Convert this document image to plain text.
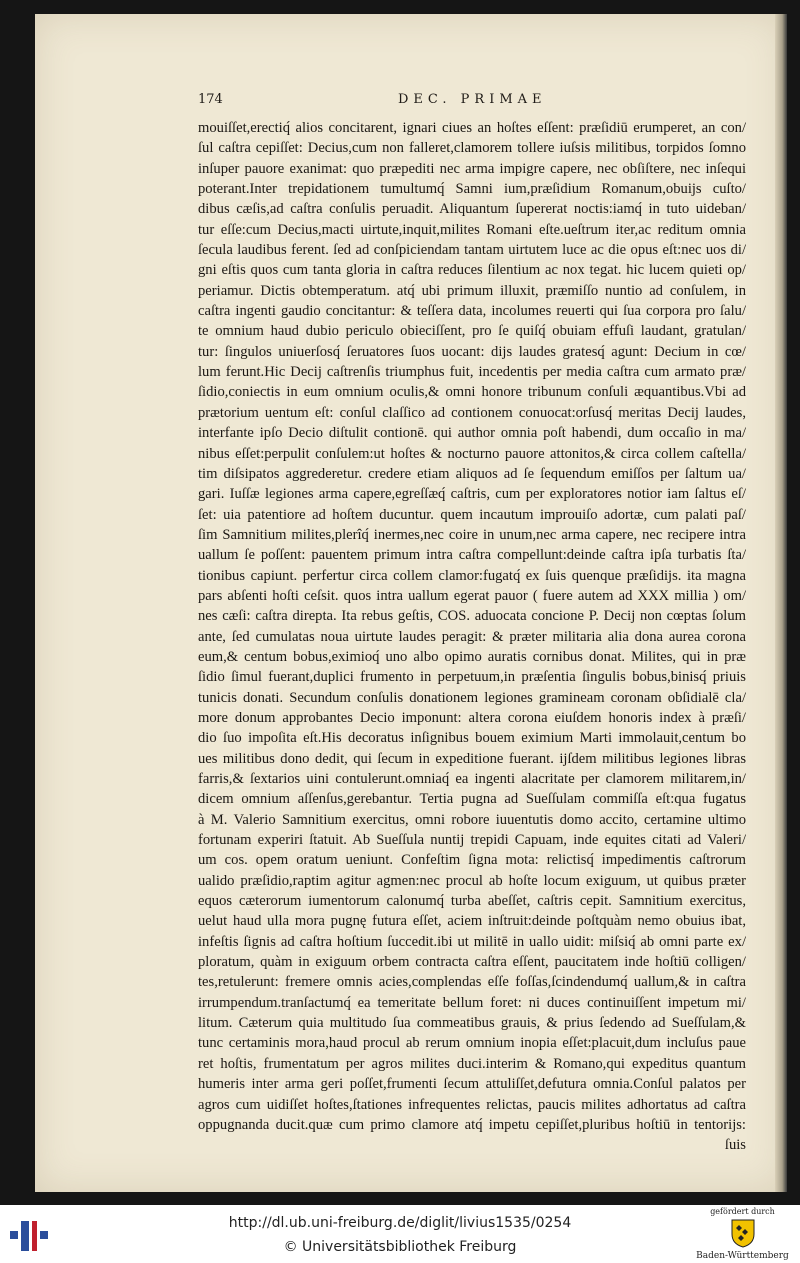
174	DEC. PRIMAE
mouiſſet,erectiq́ alios concitarent, ignari ciues an hoſtes eſſent: præſidiū erumperet, an con/
ſul caſtra cepiſſet: Decius,cum non falleret,clamorem tollere iuſsis militibus, torpidos ſomno
inſuper pauore exanimat: quo præpediti nec arma impigre capere, nec obſiſtere, nec inſequi
poterant.Inter trepidationem tumultumq́ Samni ium,præſidium Romanum,obuijs cuſto/
dibus cæſis,ad caſtra conſulis peruadit. Aliquantum ſupererat noctis:iamq́ in tuto uideban/
tur eſſe:cum Decius,macti uirtute,inquit,milites Romani eſte.ueſtrum iter,ac reditum omnia
ſecula laudibus ferent. ſed ad conſpiciendam tantam uirtutem luce ac die opus eſt:nec uos di/
gni eſtis quos cum tanta gloria in caſtra reduces ſilentium ac nox tegat. hic lucem quieti op/
periamur. Dictis obtemperatum. atq́ ubi primum illuxit, præmiſſo nuntio ad conſulem, in
caſtra ingenti gaudio concitantur: & teſſera data, incolumes reuerti qui ſua corpora pro ſalu/
te omnium haud dubio periculo obieciſſent, pro ſe quiſq́ obuiam effuſi laudant, gratulan/
tur: ſingulos uniuerſosq́ ſeruatores ſuos uocant: dijs laudes gratesq́ agunt: Decium in cœ/
lum ferunt.Hic Decij caſtrenſis triumphus fuit, incedentis per media caſtra cum armato præ/
ſidio,coniectis in eum omnium oculis,& omni honore tribunum conſuli æquantibus.Vbi ad
prætorium uentum eſt: conſul claſſico ad contionem conuocat:orſusq́ meritas Decij laudes,
interfante ipſo Decio diſtulit contionē. qui author omnia poſt habendi, dum occaſio in ma/
nibus eſſet:perpulit conſulem:ut hoſtes & nocturno pauore attonitos,& circa collem caſtella/
tim diſsipatos aggrederetur. credere etiam aliquos ad ſe ſequendum emiſſos per ſaltum ua/
gari. Iuſſæ legiones arma capere,egreſſæq́ caſtris, cum per exploratores notior iam ſaltus eſ/
ſet: uia patentiore ad hoſtem ducuntur. quem incautum improuiſo adortæ, cum palati paſ/
ſim Samnitium milites,plerîq́ inermes,nec coire in unum,nec arma capere, nec recipere intra
uallum ſe poſſent: pauentem primum intra caſtra compellunt:deinde caſtra ipſa turbatis ſta/
tionibus capiunt. perfertur circa collem clamor:fugatq́ ex ſuis quenque præſidijs. ita magna
pars abſenti hoſti ceſsit. quos intra uallum egerat pauor ( fuere autem ad XXX millia ) om/
nes cæſi: caſtra direpta. Ita rebus geſtis, COS. aduocata concione P. Decij non cœptas ſolum
ante, ſed cumulatas noua uirtute laudes peragit: & præter militaria alia dona aurea corona
eum,& centum bobus,eximioq́ uno albo opimo auratis cornibus donat. Milites, qui in præ
ſidio ſimul fuerant,duplici frumento in perpetuum,in præſentia ſingulis bobus,binisq́ priuis
tunicis donati. Secundum conſulis donationem legiones gramineam coronam obſidialē cla/
more donum approbantes Decio imponunt: altera corona eiuſdem honoris index à præſi/
dio ſuo impoſita eſt.His decoratus inſignibus bouem eximium Marti immolauit,centum bo
ues militibus dono dedit, qui ſecum in expeditione fuerant. ijſdem militibus legiones libras
farris,& ſextarios uini contulerunt.omniaq́ ea ingenti alacritate per clamorem militarem,in/
dicem omnium aſſenſus,gerebantur. Tertia pugna ad Sueſſulam commiſſa eſt:qua fugatus
à M. Valerio Samnitium exercitus, omni robore iuuentutis domo accito, certamine ultimo
fortunam experiri ſtatuit. Ab Sueſſula nuntij trepidi Capuam, inde equites citati ad Valeri/
um cos. opem oratum ueniunt. Confeſtim ſigna mota: relictisq́ impedimentis caſtrorum
ualido præſidio,raptim agitur agmen:nec procul ab hoſte locum exiguum, ut quibus præter
equos cæterorum iumentorum calonumq́ turba abeſſet, caſtris cepit. Samnitium exercitus,
uelut haud ulla mora pugnę futura eſſet, aciem inſtruit:deinde poſtquàm nemo obuius ibat,
infeſtis ſignis ad caſtra hoſtium ſuccedit.ibi ut militē in uallo uidit: miſsiq́ ab omni parte ex/
ploratum, quàm in exiguum orbem contracta caſtra eſſent, paucitatem inde hoſtiū colligen/
tes,retulerunt: fremere omnis acies,complendas eſſe foſſas,ſcindendumq́ uallum,& in caſtra
irrumpendum.tranſactumq́ ea temeritate bellum foret: ni duces continuiſſent impetum mi/
litum. Cæterum quia multitudo ſua commeatibus grauis, & prius ſedendo ad Sueſſulam,&
tunc certaminis mora,haud procul ab rerum omnium inopia eſſet:placuit,dum incluſus paue
ret hoſtis, frumentatum per agros milites duci.interim & Romano,qui expeditus quantum
humeris inter arma geri poſſet,frumenti ſecum attuliſſet,defutura omnia.Conſul palatos per
agros cum uidiſſet hoſtes,ſtationes infrequentes relictas, paucis milites adhortatus ad caſtra
oppugnanda ducit.quæ cum primo clamore atq́ impetu cepiſſet,pluribus hoſtiū in tentorijs:
ſuis
http://dl.ub.uni-freiburg.de/diglit/livius1535/0254
© Universitätsbibliothek Freiburg
gefördert durch
Baden-Württemberg
